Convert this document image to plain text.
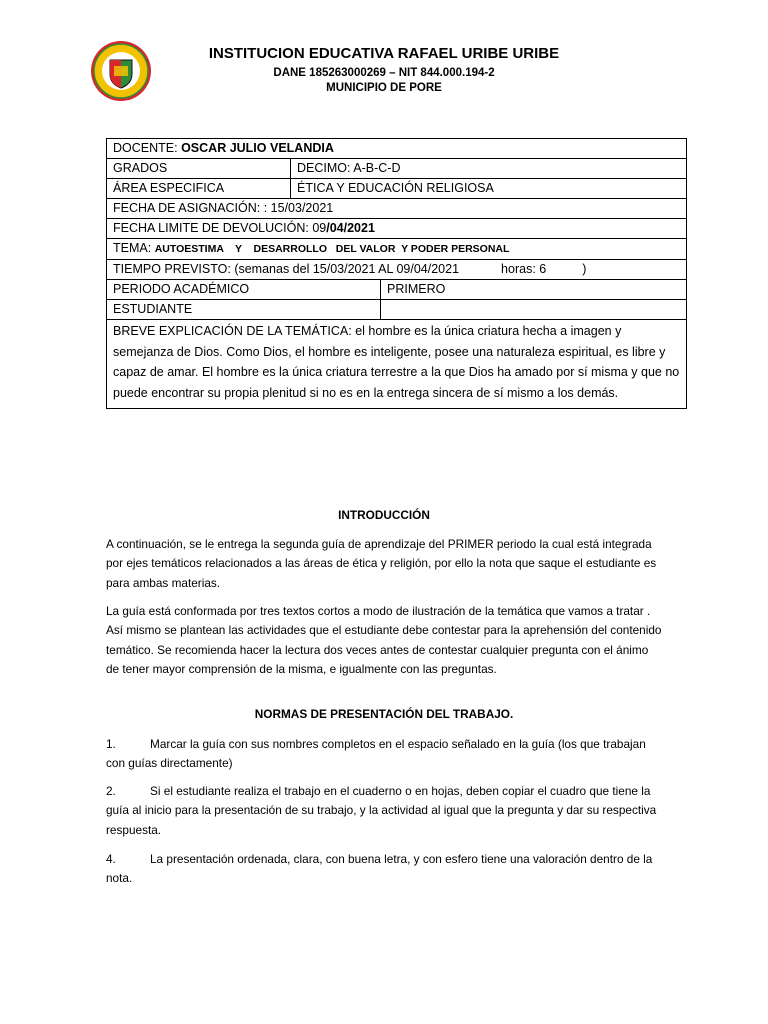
INSTITUCION EDUCATIVA RAFAEL URIBE URIBE
DANE 185263000269 – NIT 844.000.194-2
MUNICIPIO DE PORE
DOCENTE: OSCAR JULIO VELANDIA		
GRADOS	DECIMO: A-B-C-D	
ÁREA ESPECIFICA	ÉTICA Y EDUCACIÓN RELIGIOSA	
FECHA DE ASIGNACIÓN: : 15/03/2021		
FECHA LIMITE DE DEVOLUCIÓN: 09/04/2021		
TEMA: AUTOESTIMA    Y    DESARROLLO   DEL VALOR  Y PODER PERSONAL		
TIEMPO PREVISTO: (semanas del 15/03/2021 AL 09/04/2021 horas: 6 )		
PERIODO ACADÉMICO		PRIMERO
ESTUDIANTE		
BREVE EXPLICACIÓN DE LA TEMÁTICA: el hombre es la única criatura hecha a imagen y semejanza de Dios. Como Dios, el hombre es inteligente, posee una naturaleza espiritual, es libre y capaz de amar. El hombre es la única criatura terrestre a la que Dios ha amado por sí misma y que no puede encontrar su propia plenitud si no es en la entrega sincera de sí mismo a los demás.		
INTRODUCCIÓN
A continuación, se le entrega la segunda guía de aprendizaje del PRIMER periodo la cual está integrada por ejes temáticos relacionados a las áreas de ética y religión, por ello la nota que saque el estudiante es para ambas materias.
La guía está conformada por tres textos cortos a modo de ilustración de la temática que vamos a tratar . Así mismo se plantean las actividades que el estudiante debe contestar para la aprehensión del contenido temático. Se recomienda hacer la lectura dos veces antes de contestar cualquier pregunta con el ánimo de tener mayor comprensión de la misma, e igualmente con las preguntas.
NORMAS DE PRESENTACIÓN DEL TRABAJO.
1.	Marcar la guía con sus nombres completos en el espacio señalado en la guía (los que trabajan con guías directamente)
2.	Si el estudiante realiza el trabajo en el cuaderno o en hojas, deben copiar el cuadro que tiene la guía al inicio para la presentación de su trabajo, y la actividad al igual que la pregunta y dar su respectiva respuesta.
4.	La presentación ordenada, clara, con buena letra, y con esfero tiene una valoración dentro de la nota.
